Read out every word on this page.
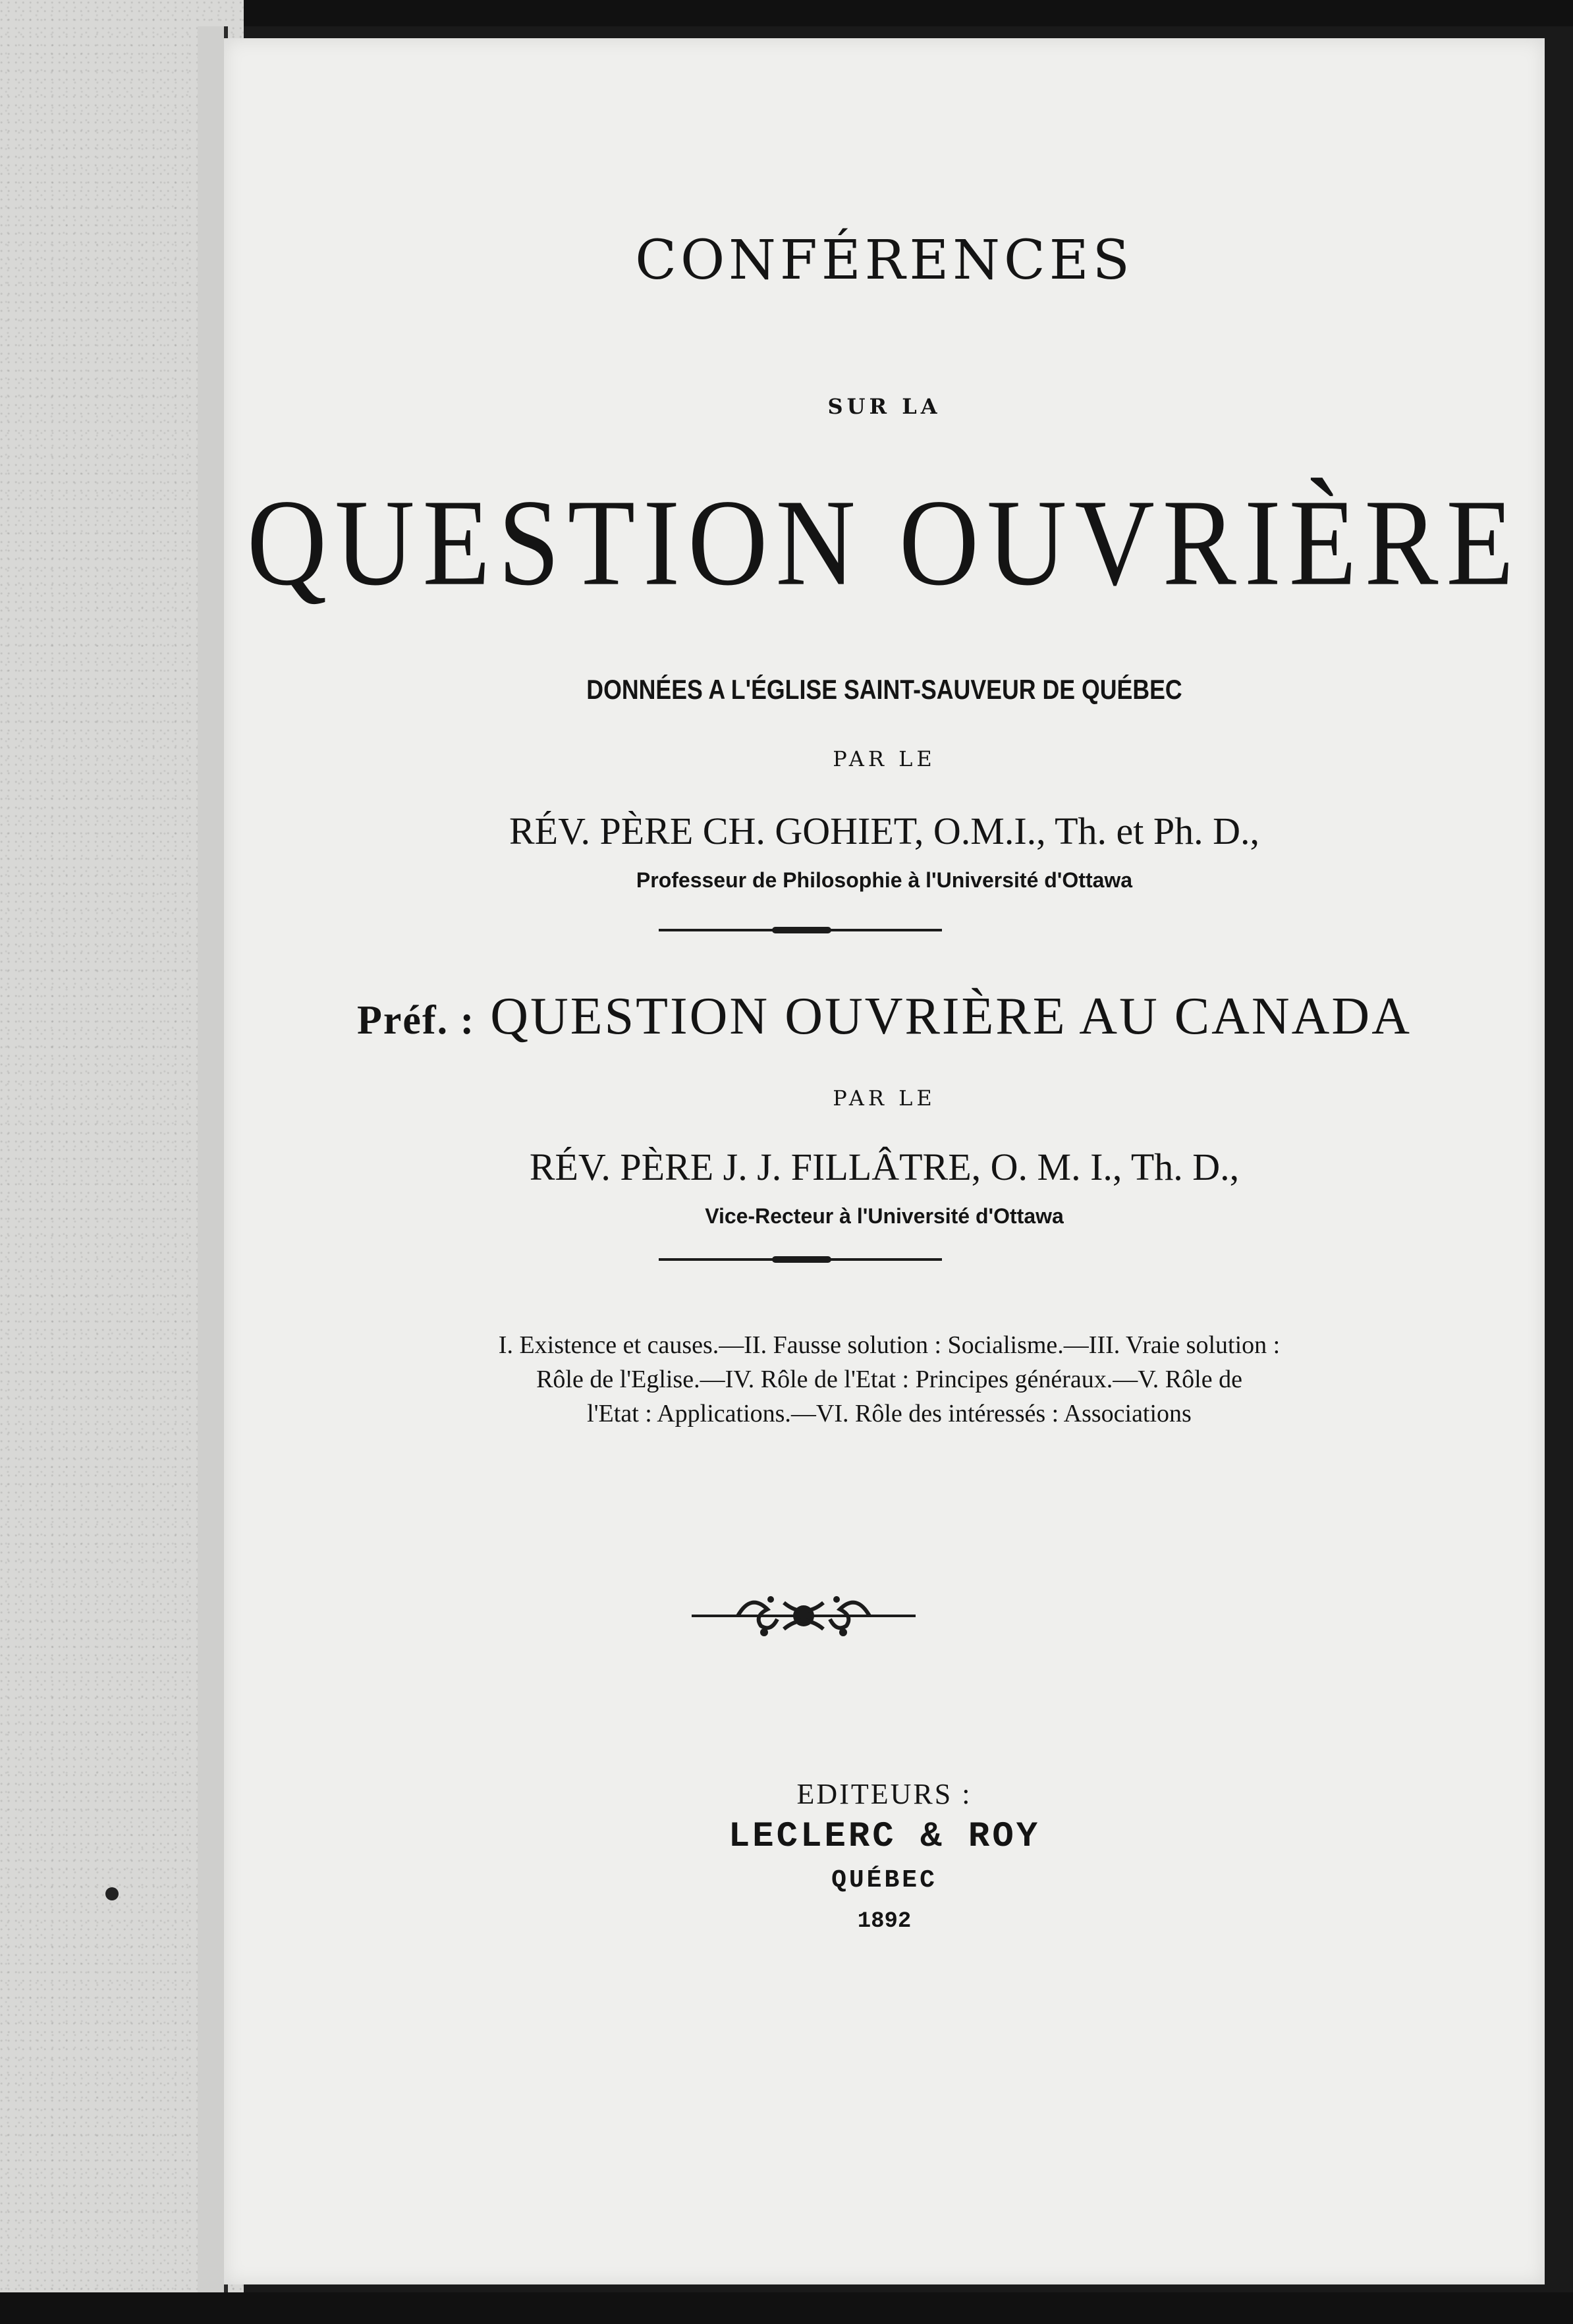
CONFÉRENCES
SUR LA
QUESTION OUVRIÈRE
DONNÉES A L'ÉGLISE SAINT-SAUVEUR DE QUÉBEC
PAR LE
RÉV. PÈRE CH. GOHIET, O.M.I., Th. et Ph. D.,
Professeur de Philosophie à l'Université d'Ottawa
Préf. : QUESTION OUVRIÈRE AU CANADA
PAR LE
RÉV. PÈRE J. J. FILLÂTRE, O. M. I., Th. D.,
Vice-Recteur à l'Université d'Ottawa
I. Existence et causes.—II. Fausse solution : Socialisme.—III. Vraie solution :
Rôle de l'Eglise.—IV. Rôle de l'Etat : Principes généraux.—V. Rôle de
l'Etat : Applications.—VI. Rôle des intéressés : Associations
EDITEURS :
LECLERC & ROY
QUÉBEC
1892
